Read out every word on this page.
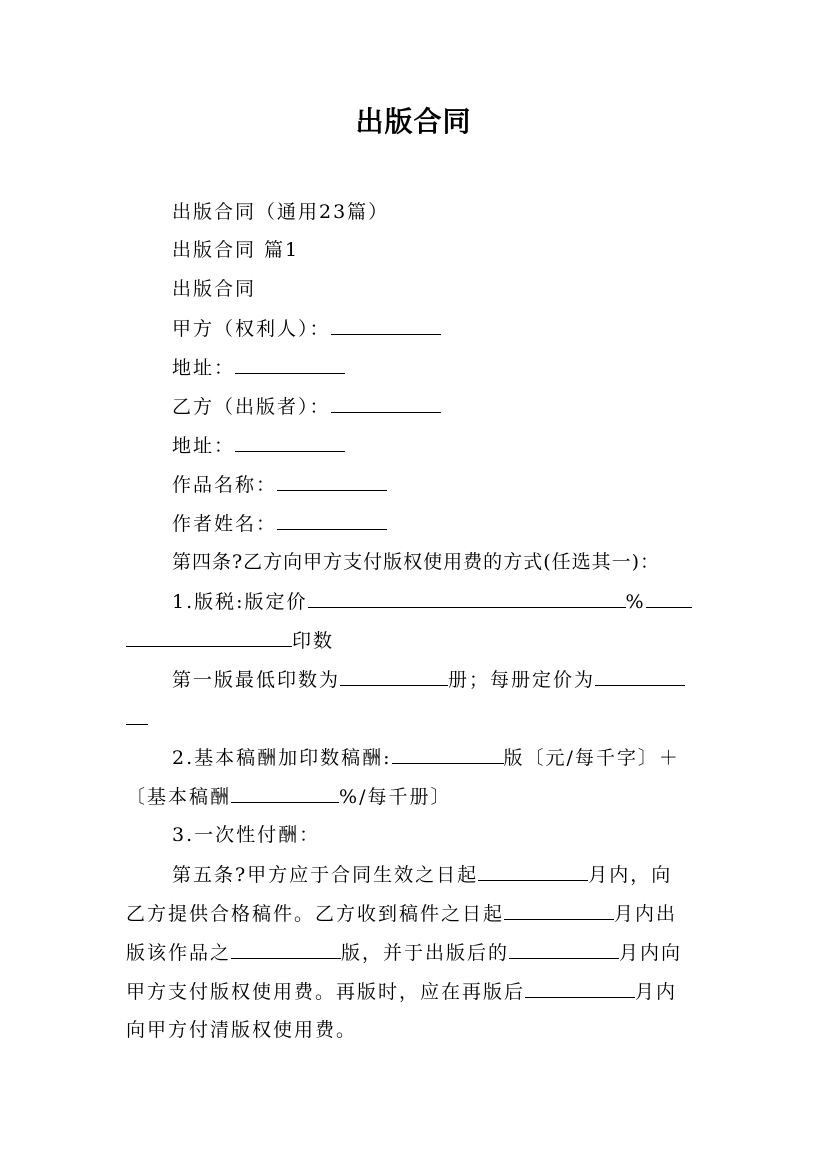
出版合同
出版合同（通用23篇）
出版合同 篇1
出版合同
甲方（权利人）：
地址：
乙方（出版者）：
地址：
作品名称：
作者姓名：
第四条?乙方向甲方支付版权使用费的方式(任选其一)：
1.版税:版定价	%
印数
第一版最低印数为	册；每册定价为
2.基本稿酬加印数稿酬:	版〔元/每千字〕＋
〔基本稿酬	%/每千册〕
3.一次性付酬：
第五条?甲方应于合同生效之日起	月内，向
乙方提供合格稿件。乙方收到稿件之日起	月内出
版该作品之	版，并于出版后的	月内向
甲方支付版权使用费。再版时，应在再版后	月内
向甲方付清版权使用费。
